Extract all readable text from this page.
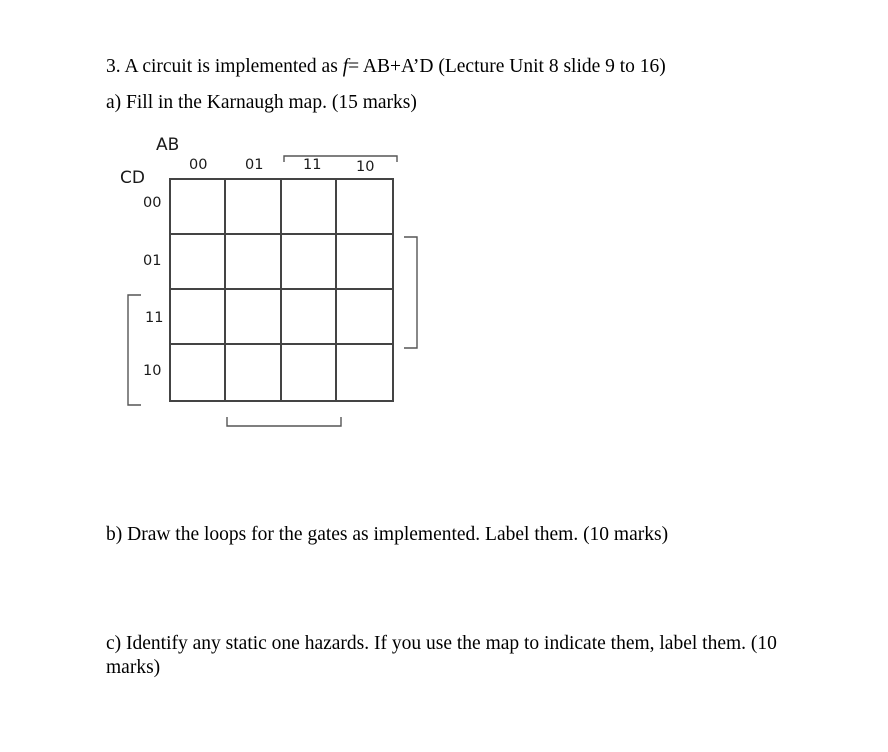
3. A circuit is implemented as f= AB+A’D (Lecture Unit 8 slide 9 to 16)
a) Fill in the Karnaugh map. (15 marks)
AB
CD
00	01	11 10
00
01
11
10
b) Draw the loops for the gates as implemented. Label them. (10 marks)
c) Identify any static one hazards. If you use the map to indicate them, label them. (10
marks)
